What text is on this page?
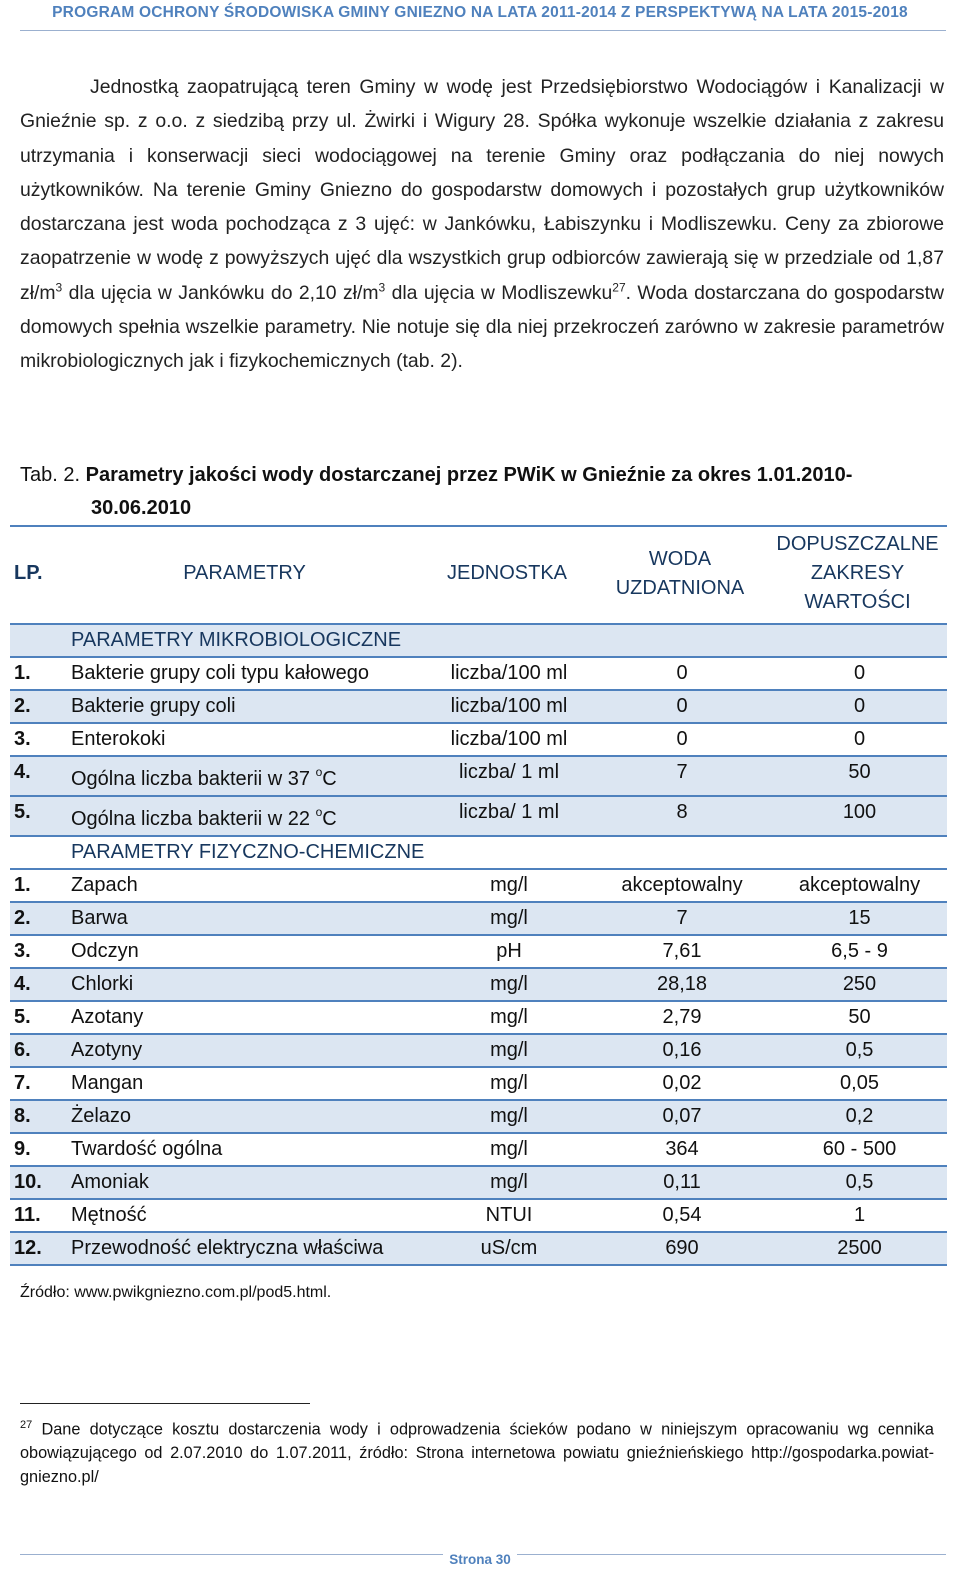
PROGRAM OCHRONY ŚRODOWISKA GMINY GNIEZNO NA LATA 2011-2014 Z PERSPEKTYWĄ NA LATA 2015-2018
Jednostką zaopatrującą teren Gminy w wodę jest Przedsiębiorstwo Wodociągów i Kanalizacji w Gnieźnie sp. z o.o. z siedzibą przy ul. Żwirki i Wigury 28. Spółka wykonuje wszelkie działania z zakresu utrzymania i konserwacji sieci wodociągowej na terenie Gminy oraz podłączania do niej nowych użytkowników. Na terenie Gminy Gniezno do gospodarstw domowych i pozostałych grup użytkowników dostarczana jest woda pochodząca z 3 ujęć: w Jankówku, Łabiszynku i Modliszewku. Ceny za zbiorowe zaopatrzenie w wodę z powyższych ujęć dla wszystkich grup odbiorców zawierają się w przedziale od 1,87 $zł/m^3$ dla ujęcia w Jankówku do 2,10 $zł/m^3$ dla ujęcia w Modliszewku$^{27}$. Woda dostarczana do gospodarstw domowych spełnia wszelkie parametry. Nie notuje się dla niej przekroczeń zarówno w zakresie parametrów mikrobiologicznych jak i fizykochemicznych (tab. 2).
Tab. 2. Parametry jakości wody dostarczanej przez PWiK w Gnieźnie za okres 1.01.2010-
30.06.2010
LP.	PARAMETRY	JEDNOSTKA	WODA UZDATNIONA	DOPUSZCZALNE ZAKRESY WARTOŚCI
	PARAMETRY MIKROBIOLOGICZNE			
1.	Bakterie grupy coli typu kałowego	liczba/100 ml	0	0
2.	Bakterie grupy coli	liczba/100 ml	0	0
3.	Enterokoki	liczba/100 ml	0	0
4.	Ogólna liczba bakterii w 37 $^o$C	liczba/ 1 ml	7	50
5.	Ogólna liczba bakterii w 22 $^o$C	liczba/ 1 ml	8	100
	PARAMETRY FIZYCZNO-CHEMICZNE			
1.	Zapach	mg/l	akceptowalny	akceptowalny
2.	Barwa	mg/l	7	15
3.	Odczyn	pH	7,61	6,5 - 9
4.	Chlorki	mg/l	28,18	250
5.	Azotany	mg/l	2,79	50
6.	Azotyny	mg/l	0,16	0,5
7.	Mangan	mg/l	0,02	0,05
8.	Żelazo	mg/l	0,07	0,2
9.	Twardość ogólna	mg/l	364	60 - 500
10.	Amoniak	mg/l	0,11	0,5
11.	Mętność	NTUI	0,54	1
12.	Przewodność elektryczna właściwa	uS/cm	690	2500
Źródło: www.pwikgniezno.com.pl/pod5.html.
$^{27}$ Dane dotyczące kosztu dostarczenia wody i odprowadzenia ścieków podano w niniejszym opracowaniu wg cennika obowiązującego od 2.07.2010 do 1.07.2011, źródło: Strona internetowa powiatu gnieźnieńskiego http://gospodarka.powiat-gniezno.pl/
Strona 30
